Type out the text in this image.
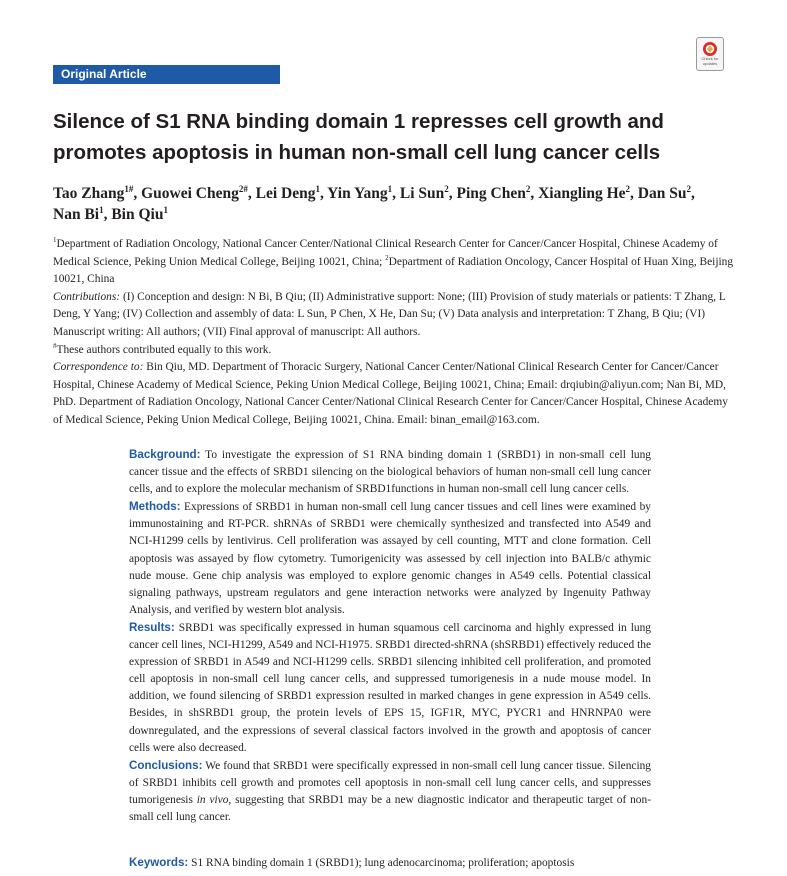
Original Article
Check for
updates
Silence of S1 RNA binding domain 1 represses cell growth and promotes apoptosis in human non-small cell lung cancer cells
Tao Zhang$^{1\#}$, Guowei Cheng$^{2\#}$, Lei Deng$^1$, Yin Yang$^1$, Li Sun$^2$, Ping Chen$^2$, Xiangling He$^2$, Dan Su$^2$,
Nan Bi$^1$, Bin Qiu$^1$

$^1$Department of Radiation Oncology, National Cancer Center/National Clinical Research Center for Cancer/Cancer Hospital, Chinese Academy of Medical Science, Peking Union Medical College, Beijing 10021, China; $^2$Department of Radiation Oncology, Cancer Hospital of Huan Xing, Beijing 10021, China

Contributions: (I) Conception and design: N Bi, B Qiu; (II) Administrative support: None; (III) Provision of study materials or patients: T Zhang, L Deng, Y Yang; (IV) Collection and assembly of data: L Sun, P Chen, X He, Dan Su; (V) Data analysis and interpretation: T Zhang, B Qiu; (VI) Manuscript writing: All authors; (VII) Final approval of manuscript: All authors.

#These authors contributed equally to this work.

Correspondence to: Bin Qiu, MD. Department of Thoracic Surgery, National Cancer Center/National Clinical Research Center for Cancer/Cancer Hospital, Chinese Academy of Medical Science, Peking Union Medical College, Beijing 10021, China; Email: drqiubin@aliyun.com; Nan Bi, MD, PhD. Department of Radiation Oncology, National Cancer Center/National Clinical Research Center for Cancer/Cancer Hospital, Chinese Academy of Medical Science, Peking Union Medical College, Beijing 10021, China. Email: binan_email@163.com.

Background: To investigate the expression of S1 RNA binding domain 1 (SRBD1) in non-small cell lung cancer tissue and the effects of SRBD1 silencing on the biological behaviors of human non-small cell lung cancer cells, and to explore the molecular mechanism of SRBD1functions in human non-small cell lung cancer cells.

Methods: Expressions of SRBD1 in human non-small cell lung cancer tissues and cell lines were examined by immunostaining and RT-PCR. shRNAs of SRBD1 were chemically synthesized and transfected into A549 and NCI-H1299 cells by lentivirus. Cell proliferation was assayed by cell counting, MTT and clone formation. Cell apoptosis was assayed by flow cytometry. Tumorigenicity was assessed by cell injection into BALB/c athymic nude mouse. Gene chip analysis was employed to explore genomic changes in A549 cells. Potential classical signaling pathways, upstream regulators and gene interaction networks were analyzed by Ingenuity Pathway Analysis, and verified by western blot analysis.

Results: SRBD1 was specifically expressed in human squamous cell carcinoma and highly expressed in lung cancer cell lines, NCI-H1299, A549 and NCI-H1975. SRBD1 directed-shRNA (shSRBD1) effectively reduced the expression of SRBD1 in A549 and NCI-H1299 cells. SRBD1 silencing inhibited cell proliferation, and promoted cell apoptosis in non-small cell lung cancer cells, and suppressed tumorigenesis in a nude mouse model. In addition, we found silencing of SRBD1 expression resulted in marked changes in gene expression in A549 cells. Besides, in shSRBD1 group, the protein levels of EPS 15, IGF1R, MYC, PYCR1 and HNRNPA0 were downregulated, and the expressions of several classical factors involved in the growth and apoptosis of cancer cells were also decreased.

Conclusions: We found that SRBD1 were specifically expressed in non-small cell lung cancer tissue. Silencing of SRBD1 inhibits cell growth and promotes cell apoptosis in non-small cell lung cancer cells, and suppresses tumorigenesis in vivo, suggesting that SRBD1 may be a new diagnostic indicator and therapeutic target of non-small cell lung cancer.

Keywords: S1 RNA binding domain 1 (SRBD1); lung adenocarcinoma; proliferation; apoptosis
